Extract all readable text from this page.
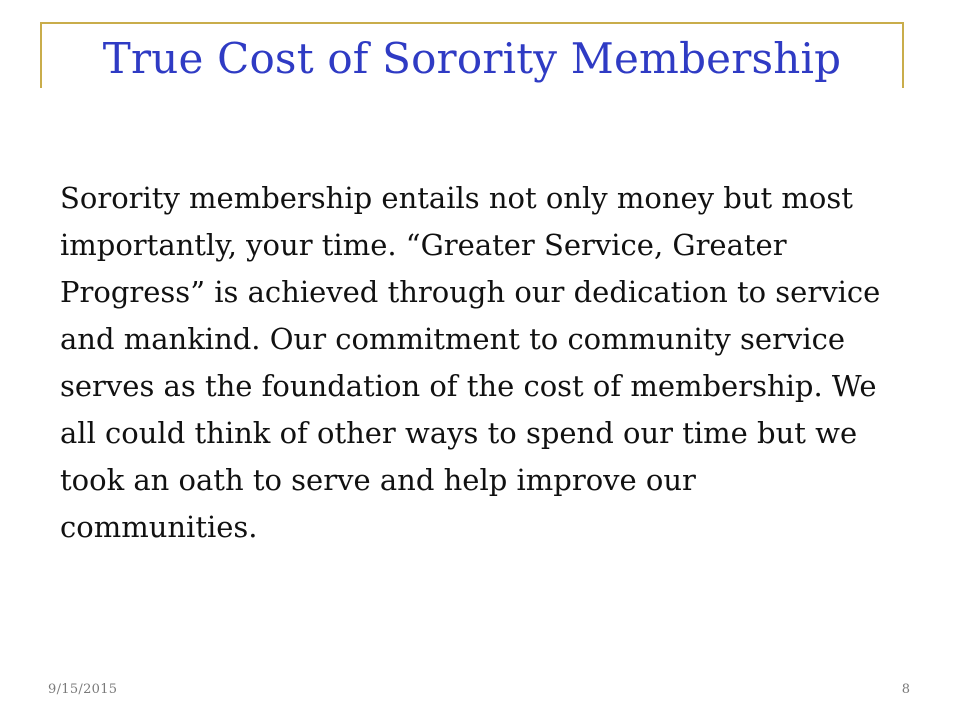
True Cost of Sorority Membership

Sorority membership entails not only money but most importantly, your time. “Greater Service, Greater Progress” is achieved through our dedication to service and mankind. Our commitment to community service serves as the foundation of the cost of membership. We all could think of other ways to spend our time but we took an oath to serve and help improve our communities.

9/15/2015	8
